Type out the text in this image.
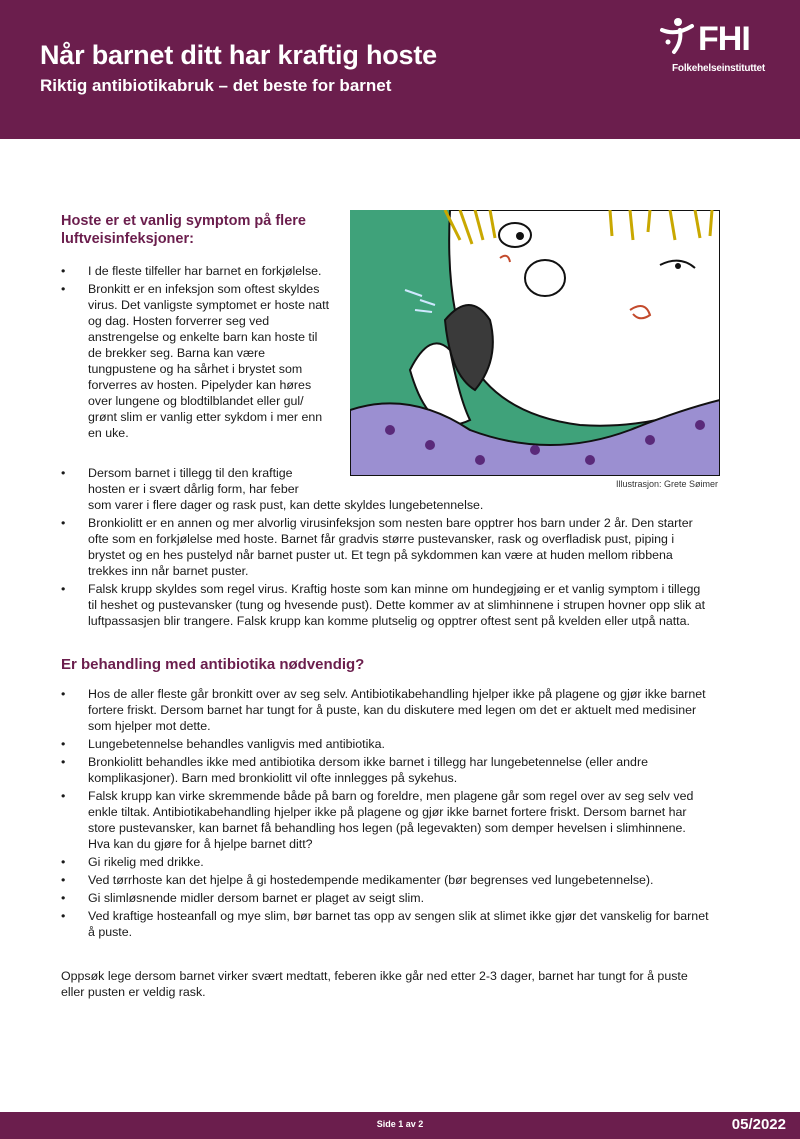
Når barnet ditt har kraftig hoste
Riktig antibiotikabruk – det beste for barnet
FHI
Folkehelseinstituttet
Hoste er et vanlig symptom på flere luftveisinfeksjoner:
• I de fleste tilfeller har barnet en forkjølelse.
• Bronkitt er en infeksjon som oftest skyldes virus. Det vanligste symptomet er hoste natt og dag. Hosten forverrer seg ved anstrengelse og enkelte barn kan hoste til de brekker seg. Barna kan være tungpustene og ha sårhet i brystet som forverres av hosten. Pipelyder kan høres over lungene og blodtilblandet eller gul/ grønt slim er vanlig etter sykdom i mer enn en uke.
• Dersom barnet i tillegg til den kraftige hosten er i svært dårlig form, har feber
som varer i flere dager og rask pust, kan dette skyldes lungebetennelse.
• Bronkiolitt er en annen og mer alvorlig virusinfeksjon som nesten bare opptrer hos barn under 2 år. Den starter ofte som en forkjølelse med hoste. Barnet får gradvis større pustevansker, rask og overfladisk pust, piping i brystet og en hes pustelyd når barnet puster ut. Et tegn på sykdommen kan være at huden mellom ribbena trekkes inn når barnet puster.
• Falsk krupp skyldes som regel virus. Kraftig hoste som kan minne om hundegjøing er et vanlig symptom i tillegg til heshet og pustevansker (tung og hvesende pust). Dette kommer av at slimhinnene i strupen hovner opp slik at luftpassasjen blir trangere. Falsk krupp kan komme plutselig og opptrer oftest sent på kvelden eller utpå natta.
Illustrasjon: Grete Søimer
Er behandling med antibiotika nødvendig?
• Hos de aller fleste går bronkitt over av seg selv. Antibiotikabehandling hjelper ikke på plagene og gjør ikke barnet fortere friskt. Dersom barnet har tungt for å puste, kan du diskutere med legen om det er aktuelt med medisiner som hjelper mot dette.
• Lungebetennelse behandles vanligvis med antibiotika.
• Bronkiolitt behandles ikke med antibiotika dersom ikke barnet i tillegg har lungebetennelse (eller andre komplikasjoner). Barn med bronkiolitt vil ofte innlegges på sykehus.
• Falsk krupp kan virke skremmende både på barn og foreldre, men plagene går som regel over av seg selv ved enkle tiltak. Antibiotikabehandling hjelper ikke på plagene og gjør ikke barnet fortere friskt. Dersom barnet har store pustevansker, kan barnet få behandling hos legen (på legevakten) som demper hevelsen i slimhinnene. Hva kan du gjøre for å hjelpe barnet ditt?
• Gi rikelig med drikke.
• Ved tørrhoste kan det hjelpe å gi hostedempende medikamenter (bør begrenses ved lungebetennelse).
• Gi slimløsnende midler dersom barnet er plaget av seigt slim.
• Ved kraftige hosteanfall og mye slim, bør barnet tas opp av sengen slik at slimet ikke gjør det vanskelig for barnet å puste.
Oppsøk lege dersom barnet virker svært medtatt, feberen ikke går ned etter 2-3 dager, barnet har tungt for å puste eller pusten er veldig rask.
Side 1 av 2	05/2022
